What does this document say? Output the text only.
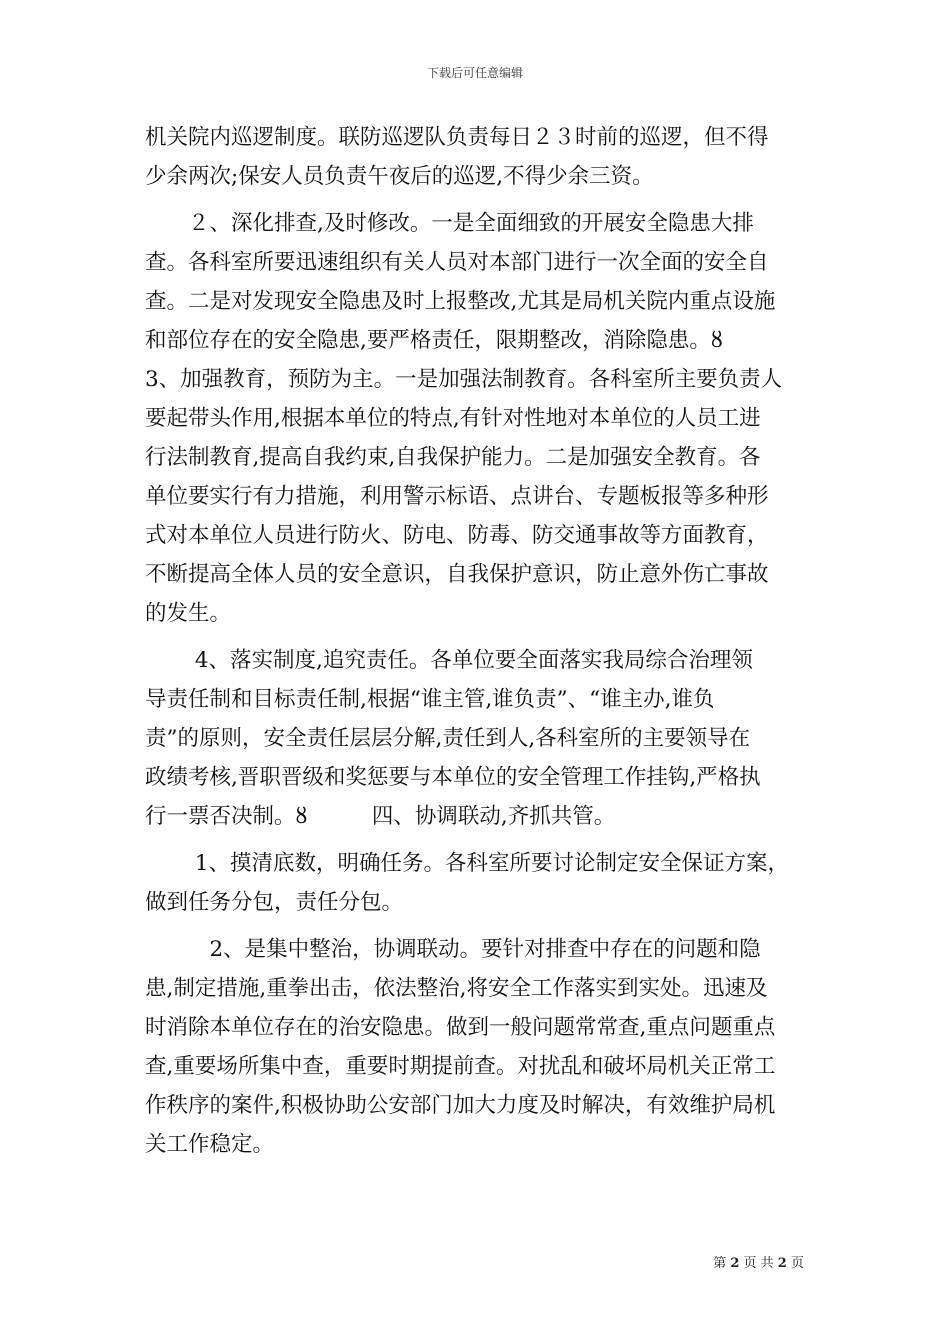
下载后可任意编辑
机关院内巡逻制度。联防巡逻队负责每日２３时前的巡逻，但不得
少余两次;保安人员负责午夜后的巡逻,不得少余三资。
　　２、深化排查,及时修改。一是全面细致的开展安全隐患大排
查。各科室所要迅速组织有关人员对本部门进行一次全面的安全自
查。二是对发现安全隐患及时上报整改,尤其是局机关院内重点设施
和部位存在的安全隐患,要严格责任，限期整改，消除隐患。ȣ
3、加强教育，预防为主。一是加强法制教育。各科室所主要负责人
要起带头作用,根据本单位的特点,有针对性地对本单位的人员工进
行法制教育,提高自我约束,自我保护能力。二是加强安全教育。各
单位要实行有力措施，利用警示标语、点讲台、专题板报等多种形
式对本单位人员进行防火、防电、防毒、防交通事故等方面教育，
不断提高全体人员的安全意识，自我保护意识，防止意外伤亡事故
的发生。
　　 4、落实制度,追究责任。各单位要全面落实我局综合治理领
导责任制和目标责任制,根据“谁主管,谁负责”、“谁主办,谁负
责”的原则，安全责任层层分解,责任到人,各科室所的主要领导在
政绩考核,晋职晋级和奖惩要与本单位的安全管理工作挂钩,严格执
行一票否决制。ȣ　　　四、协调联动,齐抓共管。
　　 1、摸清底数，明确任务。各科室所要讨论制定安全保证方案，
做到任务分包，责任分包。
　　　2、是集中整治，协调联动。要针对排查中存在的问题和隐
患,制定措施,重拳出击，依法整治,将安全工作落实到实处。迅速及
时消除本单位存在的治安隐患。做到一般问题常常查,重点问题重点
查,重要场所集中查，重要时期提前查。对扰乱和破坏局机关正常工
作秩序的案件,积极协助公安部门加大力度及时解决，有效维护局机
关工作稳定。
第 2 页 共 2 页
